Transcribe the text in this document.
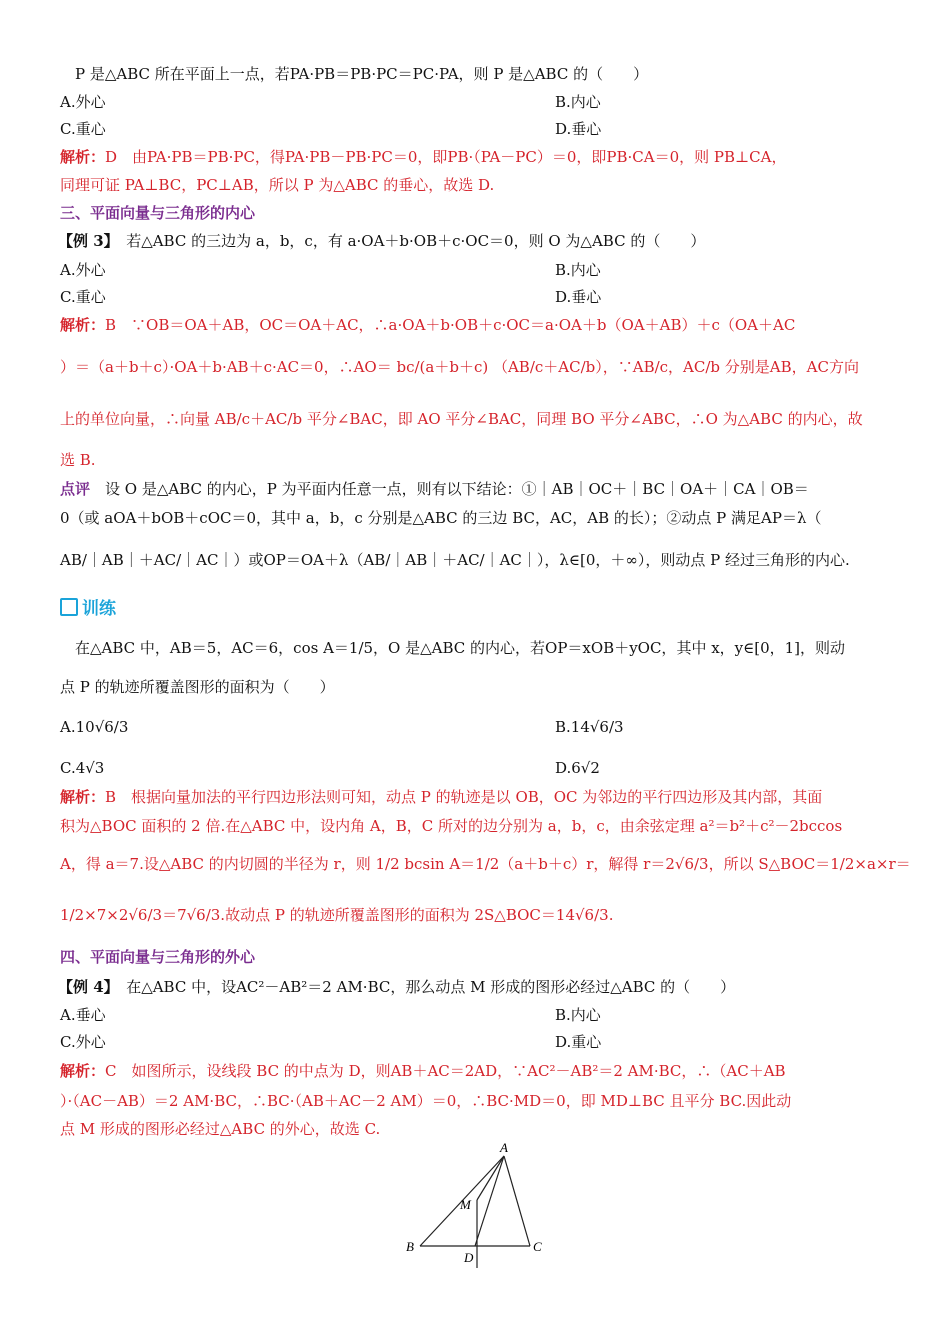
P 是△ABC 所在平面上一点，若PA·PB＝PB·PC＝PC·PA，则 P 是△ABC 的（　　）
A.外心	B.内心
C.重心	D.垂心
解析：D　由PA·PB＝PB·PC，得PA·PB－PB·PC＝0，即PB·（PA－PC）＝0，即PB·CA＝0，则 PB⊥CA，
同理可证 PA⊥BC，PC⊥AB，所以 P 为△ABC 的垂心，故选 D.
三、平面向量与三角形的内心
【例 3】　 若△ABC 的三边为 a，b，c，有 a·OA＋b·OB＋c·OC＝0，则 O 为△ABC 的（　　）
A.外心	B.内心
C.重心	D.垂心
解析：B　∵OB＝OA＋AB，OC＝OA＋AC，∴a·OA＋b·OB＋c·OC＝a·OA＋b（OA＋AB）＋c（OA＋AC
）＝（a＋b＋c）·OA＋b·AB＋c·AC＝0，∴AO＝ bc/(a＋b＋c) （AB/c＋AC/b），∵AB/c，AC/b 分别是AB，AC方向
上的单位向量，∴向量 AB/c＋AC/b 平分∠BAC，即 AO 平分∠BAC，同理 BO 平分∠ABC，∴O 为△ABC 的内心，故
选 B.
点评　 设 O 是△ABC 的内心，P 为平面内任意一点，则有以下结论：①｜AB｜OC＋｜BC｜OA＋｜CA｜OB＝
0（或 aOA＋bOB＋cOC＝0，其中 a，b，c 分别是△ABC 的三边 BC，AC，AB 的长）；②动点 P 满足AP＝λ（
AB/｜AB｜＋AC/｜AC｜）或OP＝OA＋λ（AB/｜AB｜＋AC/｜AC｜），λ∈[0，＋∞），则动点 P 经过三角形的内心.
训练
在△ABC 中，AB＝5，AC＝6，cos A＝1/5，O 是△ABC 的内心，若OP＝xOB＋yOC，其中 x，y∈[0，1]，则动
点 P 的轨迹所覆盖图形的面积为（　　）
A.10√6/3	B.14√6/3
C.4√3	D.6√2
解析：B　根据向量加法的平行四边形法则可知，动点 P 的轨迹是以 OB，OC 为邻边的平行四边形及其内部，其面
积为△BOC 面积的 2 倍.在△ABC 中，设内角 A，B，C 所对的边分别为 a，b，c，由余弦定理 a²＝b²＋c²－2bccos
A，得 a＝7.设△ABC 的内切圆的半径为 r，则 1/2 bcsin A＝1/2（a＋b＋c）r，解得 r＝2√6/3，所以 S△BOC＝1/2×a×r＝
1/2×7×2√6/3＝7√6/3.故动点 P 的轨迹所覆盖图形的面积为 2S△BOC＝14√6/3.
四、平面向量与三角形的外心
【例 4】　 在△ABC 中，设AC²－AB²＝2 AM·BC，那么动点 M 形成的图形必经过△ABC 的（　　）
A.垂心	B.内心
C.外心	D.重心
解析：C　如图所示，设线段 BC 的中点为 D，则AB＋AC＝2AD，∵AC²－AB²＝2 AM·BC，∴（AC＋AB
）·（AC－AB）＝2 AM·BC，∴BC·（AB＋AC－2 AM）＝0，∴BC·MD＝0，即 MD⊥BC 且平分 BC.因此动
点 M 形成的图形必经过△ABC 的外心，故选 C.
A
M
B
D
C
